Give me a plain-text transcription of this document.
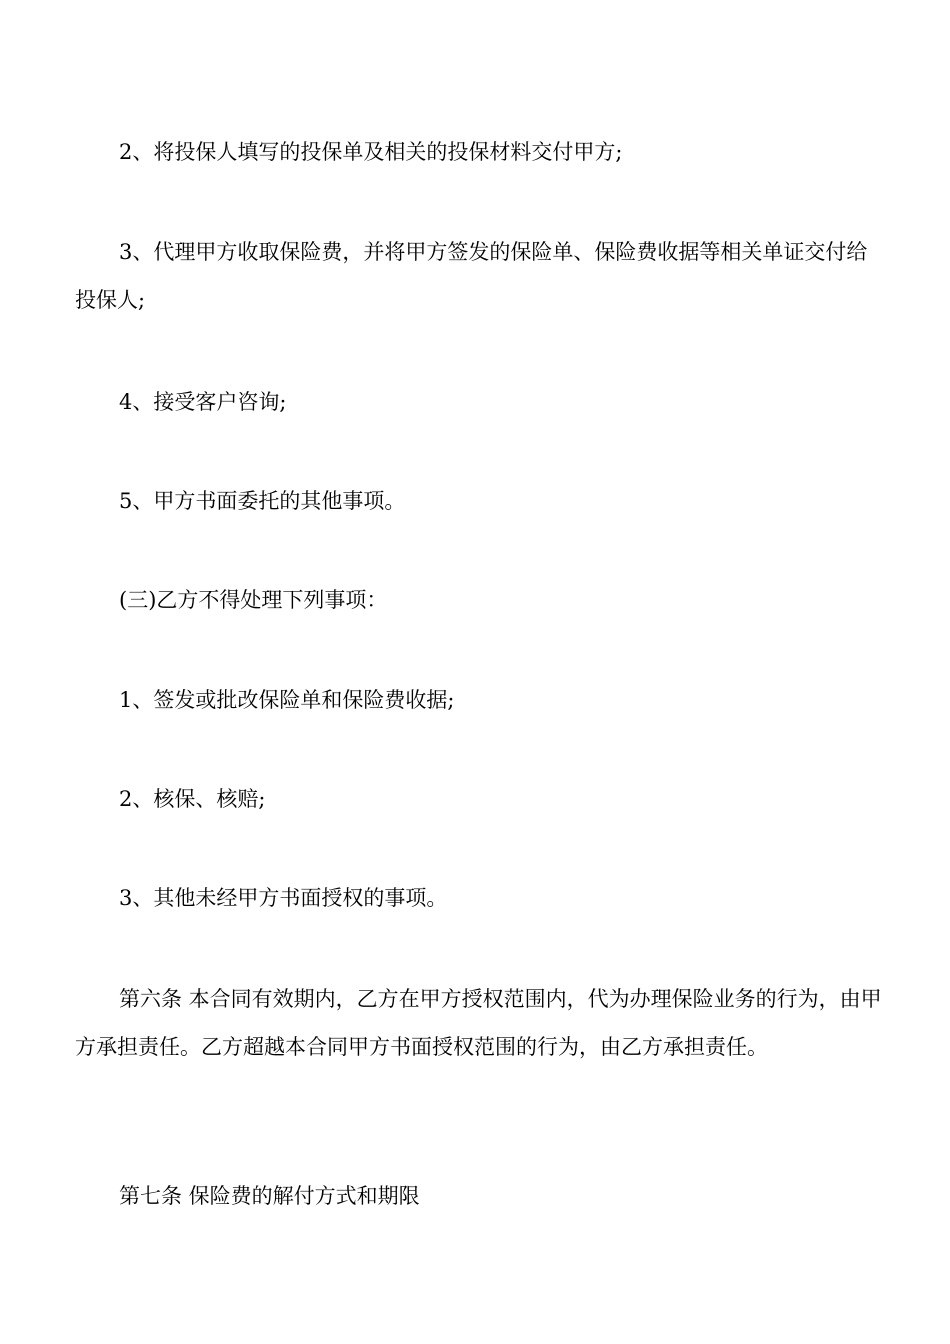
2、将投保人填写的投保单及相关的投保材料交付甲方;

3、代理甲方收取保险费，并将甲方签发的保险单、保险费收据等相关单证交付给投保人;

4、接受客户咨询;

5、甲方书面委托的其他事项。

(三)乙方不得处理下列事项：

1、签发或批改保险单和保险费收据;

2、核保、核赔;

3、其他未经甲方书面授权的事项。

第六条 本合同有效期内，乙方在甲方授权范围内，代为办理保险业务的行为，由甲方承担责任。乙方超越本合同甲方书面授权范围的行为，由乙方承担责任。

第七条 保险费的解付方式和期限
